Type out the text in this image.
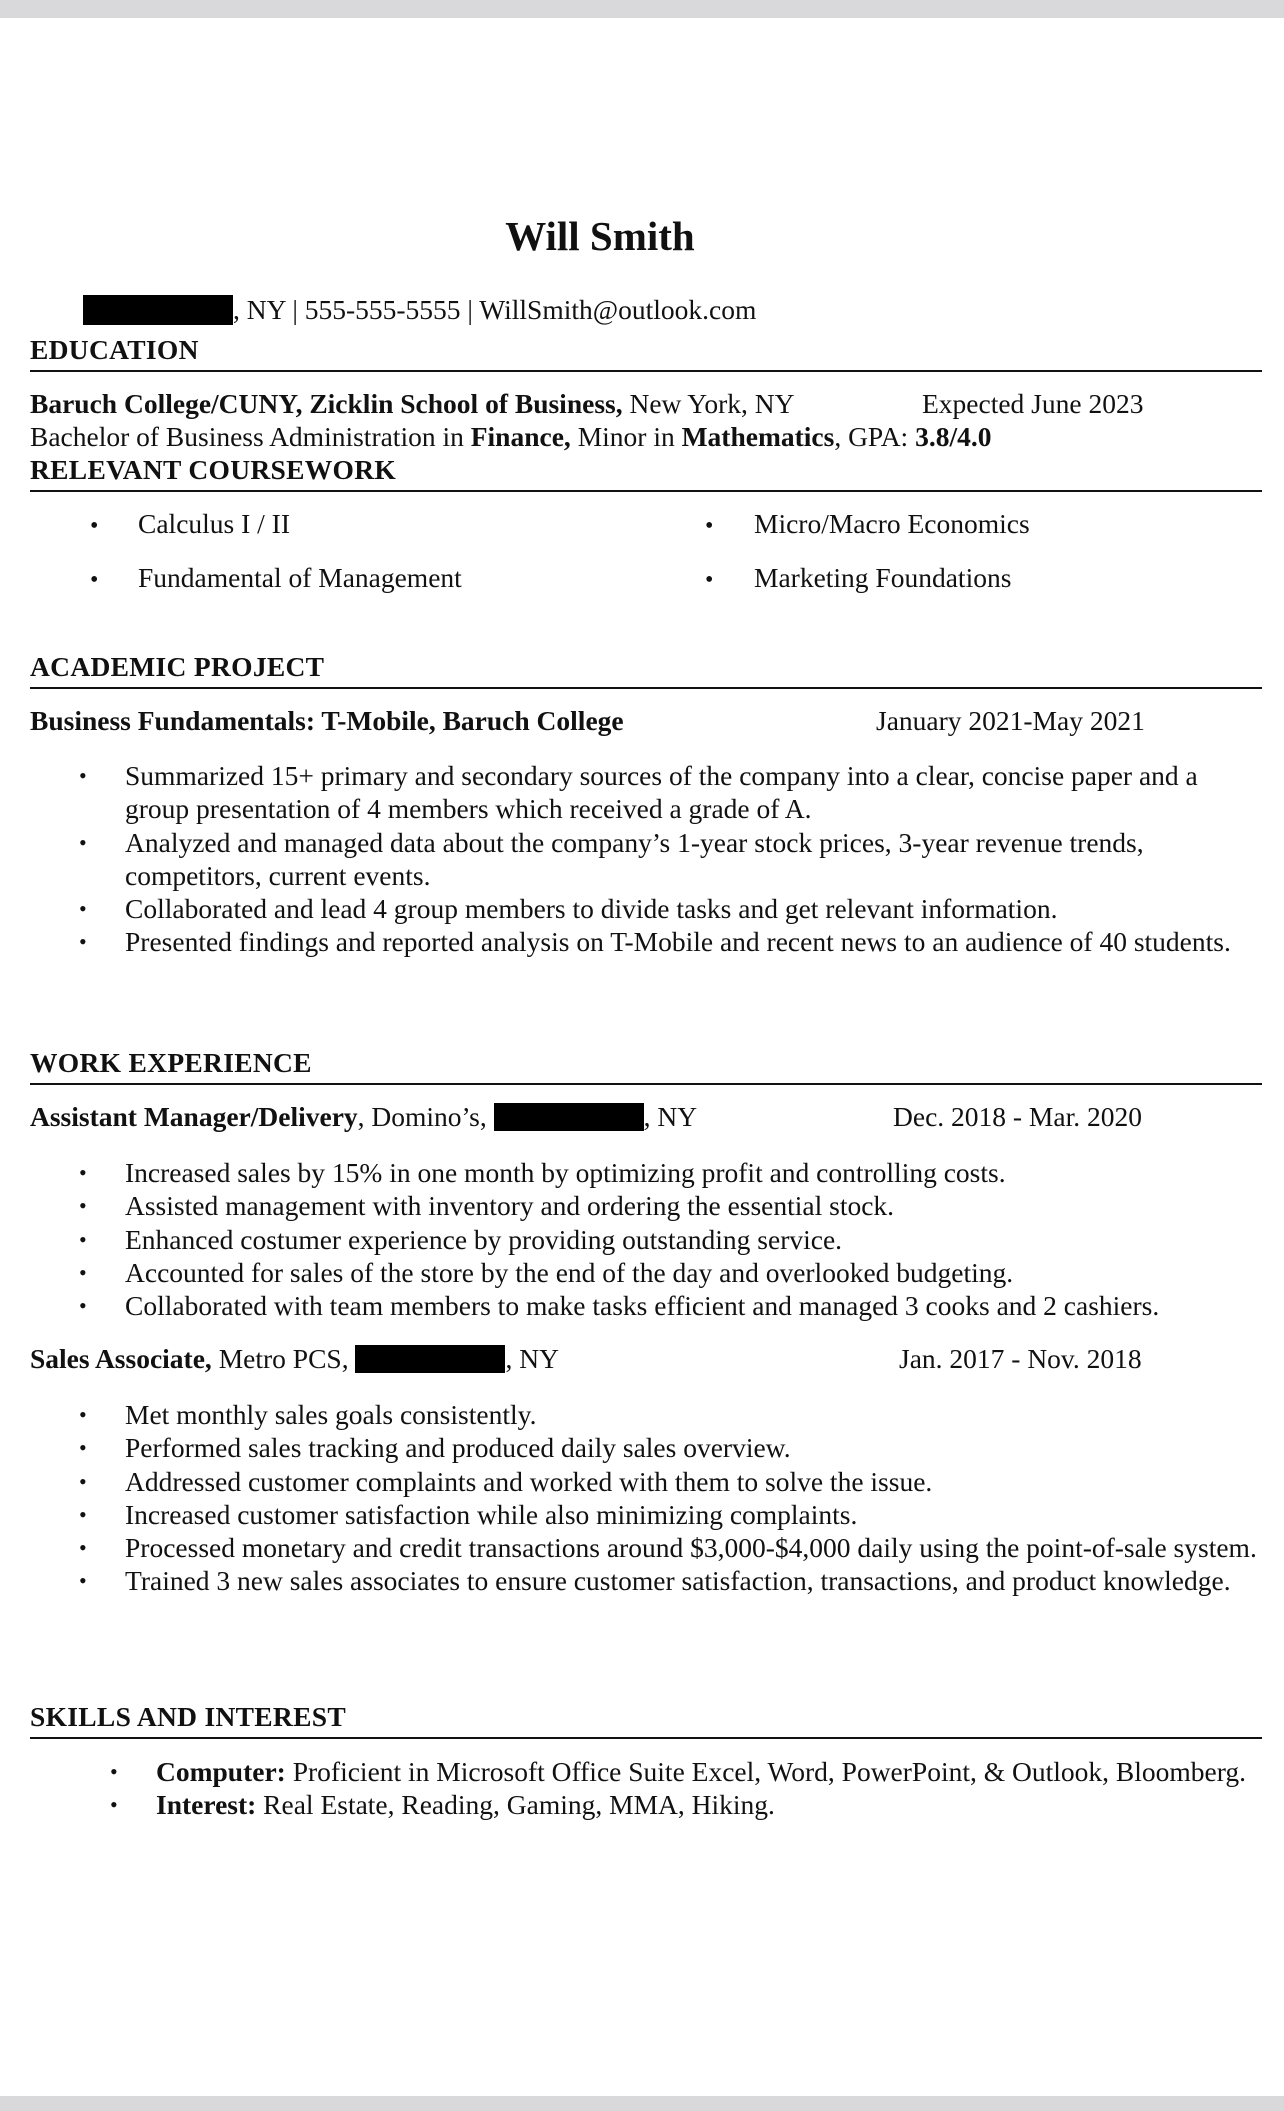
Will Smith
, NY | 555-555-5555 | WillSmith@outlook.com
EDUCATION
Baruch College/CUNY, Zicklin School of Business, New York, NY	Expected June 2023
Bachelor of Business Administration in Finance, Minor in Mathematics, GPA: 3.8/4.0
RELEVANT COURSEWORK
• Calculus I / II	• Micro/Macro Economics
• Fundamental of Management	• Marketing Foundations
ACADEMIC PROJECT
Business Fundamentals: T-Mobile, Baruch College	January 2021-May 2021
• Summarized 15+ primary and secondary sources of the company into a clear, concise paper and a group presentation of 4 members which received a grade of A.
• Analyzed and managed data about the company’s 1-year stock prices, 3-year revenue trends, competitors, current events.
• Collaborated and lead 4 group members to divide tasks and get relevant information.
• Presented findings and reported analysis on T-Mobile and recent news to an audience of 40 students.
WORK EXPERIENCE
Assistant Manager/Delivery, Domino’s,	, NY	Dec. 2018 - Mar. 2020
• Increased sales by 15% in one month by optimizing profit and controlling costs.
• Assisted management with inventory and ordering the essential stock.
• Enhanced costumer experience by providing outstanding service.
• Accounted for sales of the store by the end of the day and overlooked budgeting.
• Collaborated with team members to make tasks efficient and managed 3 cooks and 2 cashiers.
Sales Associate, Metro PCS,	, NY	Jan. 2017 - Nov. 2018
• Met monthly sales goals consistently.
• Performed sales tracking and produced daily sales overview.
• Addressed customer complaints and worked with them to solve the issue.
• Increased customer satisfaction while also minimizing complaints.
• Processed monetary and credit transactions around $3,000-$4,000 daily using the point-of-sale system.
• Trained 3 new sales associates to ensure customer satisfaction, transactions, and product knowledge.
SKILLS AND INTEREST
• Computer: Proficient in Microsoft Office Suite Excel, Word, PowerPoint, & Outlook, Bloomberg.
• Interest: Real Estate, Reading, Gaming, MMA, Hiking.
